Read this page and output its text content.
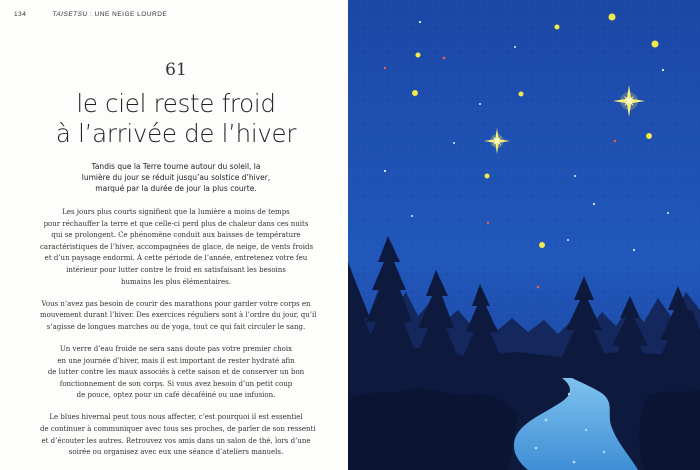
134	TAISETSU : UNE NEIGE LOURDE
61
le ciel reste froid
à l’arrivée de l’hiver
Tandis que la Terre tourne autour du soleil, la
lumière du jour se réduit jusqu’au solstice d’hiver,
marqué par la durée de jour la plus courte.

Les jours plus courts signifient que la lumière a moins de temps
pour réchauffer la terre et que celle-ci perd plus de chaleur dans ces nuits
qui se prolongent. Ce phénomène conduit aux baisses de température
caractéristiques de l’hiver, accompagnées de glace, de neige, de vents froids
et d’un paysage endormi. À cette période de l’année, entretenez votre feu
intérieur pour lutter contre le froid en satisfaisant les besoins
humains les plus élémentaires.

Vous n’avez pas besoin de courir des marathons pour garder votre corps en
mouvement durant l’hiver. Des exercices réguliers sont à l’ordre du jour, qu’il
s’agisse de longues marches ou de yoga, tout ce qui fait circuler le sang.

Un verre d’eau froide ne sera sans doute pas votre premier choix
en une journée d’hiver, mais il est important de rester hydraté afin
de lutter contre les maux associés à cette saison et de conserver un bon
fonctionnement de son corps. Si vous avez besoin d’un petit coup
de pouce, optez pour un café décaféiné ou une infusion.

Le blues hivernal peut tous nous affecter, c’est pourquoi il est essentiel
de continuer à communiquer avec tous ses proches, de parler de son ressenti
et d’écouter les autres. Retrouvez vos amis dans un salon de thé, lors d’une
soirée ou organisez avec eux une séance d’ateliers manuels.
